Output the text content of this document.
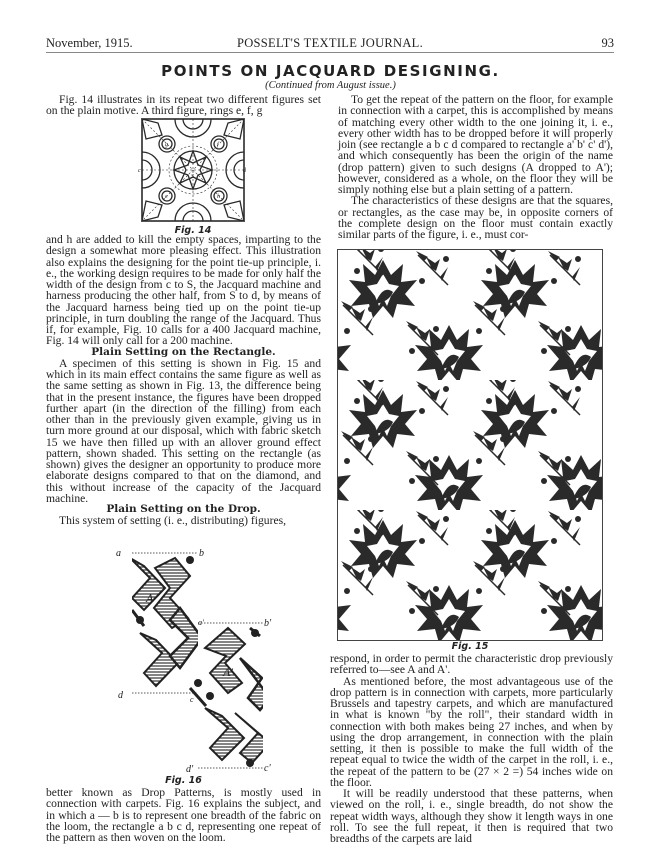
November, 1915.	POSSELT'S TEXTILE JOURNAL.	93
POINTS ON JACQUARD DESIGNING.
(Continued from August issue.)

Fig. 14 illustrates in its repeat two different figures set on the plain motive. A third figure, rings e, f, g

g	f
e	h
S
c	d
Fig. 14

and h are added to kill the empty spaces, imparting to the design a somewhat more pleasing effect. This illustration also explains the designing for the point tie-up principle, i. e., the working design requires to be made for only half the width of the design from c to S, the Jacquard machine and harness producing the other half, from S to d, by means of the Jacquard harness being tied up on the point tie-up principle, in turn doubling the range of the Jacquard. Thus if, for example, Fig. 10 calls for a 400 Jacquard machine, Fig. 14 will only call for a 200 machine.

Plain Setting on the Rectangle.

A specimen of this setting is shown in Fig. 15 and which in its main effect contains the same figure as well as the same setting as shown in Fig. 13, the difference being that in the present instance, the figures have been dropped further apart (in the direction of the filling) from each other than in the previously given example, giving us in turn more ground at our disposal, which with fabric sketch 15 we have then filled up with an allover ground effect pattern, shown shaded. This setting on the rectangle (as shown) gives the designer an opportunity to produce more elaborate designs compared to that on the diamond, and this without increase of the capacity of the Jacquard machine.

Plain Setting on the Drop.

This system of setting (i. e., distributing) figures,

a	b
A
a'	b'
A'
d	c
d'	c'
Fig. 16

better known as Drop Patterns, is mostly used in connection with carpets. Fig. 16 explains the subject, and in which a — b is to represent one breadth of the fabric on the loom, the rectangle a b c d, representing one repeat of the pattern as then woven on the loom.

To get the repeat of the pattern on the floor, for example in connection with a carpet, this is accomplished by means of matching every other width to the one joining it, i. e., every other width has to be dropped before it will properly join (see rectangle a b c d compared to rectangle a' b' c' d'), and which consequently has been the origin of the name (drop pattern) given to such designs (A dropped to A'); however, considered as a whole, on the floor they will be simply nothing else but a plain setting of a pattern.

The characteristics of these designs are that the squares, or rectangles, as the case may be, in opposite corners of the complete design on the floor must contain exactly similar parts of the figure, i. e., must cor-

Fig. 15

respond, in order to permit the characteristic drop previously referred to—see A and A'.

As mentioned before, the most advantageous use of the drop pattern is in connection with carpets, more particularly Brussels and tapestry carpets, and which are manufactured in what is known "by the roll", their standard width in connection with both makes being 27 inches, and when by using the drop arrangement, in connection with the plain setting, it then is possible to make the full width of the repeat equal to twice the width of the carpet in the roll, i. e., the repeat of the pattern to be (27 × 2 =) 54 inches wide on the floor.

It will be readily understood that these patterns, when viewed on the roll, i. e., single breadth, do not show the repeat width ways, although they show it length ways in one roll. To see the full repeat, it then is required that two breadths of the carpets are laid
